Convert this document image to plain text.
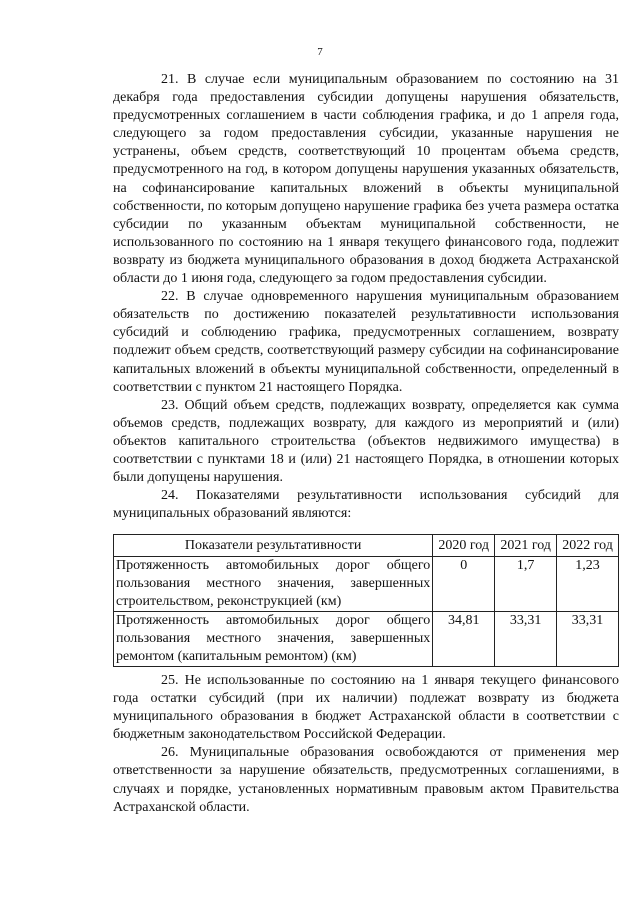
7

21. В случае если муниципальным образованием по состоянию на 31 декабря года предоставления субсидии допущены нарушения обязательств, предусмотренных соглашением в части соблюдения графика, и до 1 апреля года, следующего за годом предоставления субсидии, указанные нарушения не устранены, объем средств, соответствующий 10 процентам объема средств, предусмотренного на год, в котором допущены нарушения указанных обязательств, на софинансирование капитальных вложений в объекты муниципальной собственности, по которым допущено нарушение графика без учета размера остатка субсидии по указанным объектам муниципальной собственности, не использованного по состоянию на 1 января текущего финансового года, подлежит возврату из бюджета муниципального образования в доход бюджета Астраханской области до 1 июня года, следующего за годом предоставления субсидии.

22. В случае одновременного нарушения муниципальным образованием обязательств по достижению показателей результативности использования субсидий и соблюдению графика, предусмотренных соглашением, возврату подлежит объем средств, соответствующий размеру субсидии на софинансирование капитальных вложений в объекты муниципальной собственности, определенный в соответствии с пунктом 21 настоящего Порядка.

23. Общий объем средств, подлежащих возврату, определяется как сумма объемов средств, подлежащих возврату, для каждого из мероприятий и (или) объектов капитального строительства (объектов недвижимого имущества) в соответствии с пунктами 18 и (или) 21 настоящего Порядка, в отношении которых были допущены нарушения.

24. Показателями результативности использования субсидий для муниципальных образований являются:

Показатели результативности	2020 год	2021 год	2022 год
Протяженность автомобильных дорог общего пользования местного значения, завершенных строительством, реконструкцией (км)	0	1,7	1,23
Протяженность автомобильных дорог общего пользования местного значения, завершенных ремонтом (капитальным ремонтом) (км)	34,81	33,31	33,31

25. Не использованные по состоянию на 1 января текущего финансового года остатки субсидий (при их наличии) подлежат возврату из бюджета муниципального образования в бюджет Астраханской области в соответствии с бюджетным законодательством Российской Федерации.

26. Муниципальные образования освобождаются от применения мер ответственности за нарушение обязательств, предусмотренных соглашениями, в случаях и порядке, установленных нормативным правовым актом Правительства Астраханской области.
